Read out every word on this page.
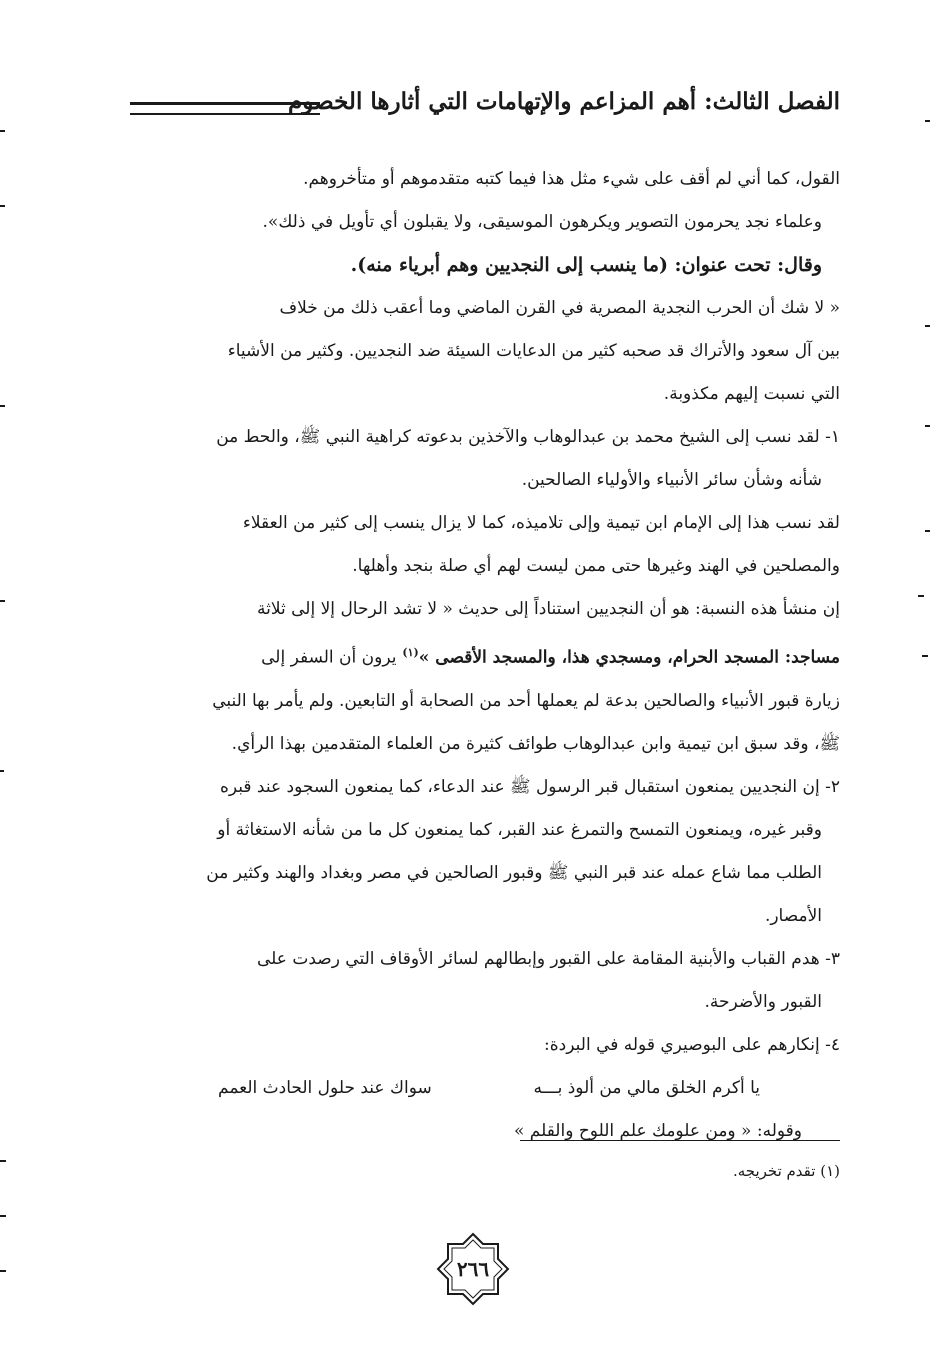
الفصل الثالث: أهم المزاعم والإتهامات التي أثارها الخصوم
القول، كما أني لم أقف على شيء مثل هذا فيما كتبه متقدموهم أو متأخروهم.
وعلماء نجد يحرمون التصوير ويكرهون الموسيقى، ولا يقبلون أي تأويل في ذلك».
وقال: تحت عنوان: (ما ينسب إلى النجديين وهم أبرياء منه).
« لا شك أن الحرب النجدية المصرية في القرن الماضي وما أعقب ذلك من خلاف
بين آل سعود والأتراك قد صحبه كثير من الدعايات السيئة ضد النجديين. وكثير من الأشياء
التي نسبت إليهم مكذوبة.
١- لقد نسب إلى الشيخ محمد بن عبدالوهاب والآخذين بدعوته كراهية النبي ﷺ، والحط من
شأنه وشأن سائر الأنبياء والأولياء الصالحين.
لقد نسب هذا إلى الإمام ابن تيمية وإلى تلاميذه، كما لا يزال ينسب إلى كثير من العقلاء
والمصلحين في الهند وغيرها حتى ممن ليست لهم أي صلة بنجد وأهلها.
إن منشأ هذه النسبة: هو أن النجديين استناداً إلى حديث « لا تشد الرحال إلا إلى ثلاثة
مساجد: المسجد الحرام، ومسجدي هذا، والمسجد الأقصى »$^{(١)}$ يرون أن السفر إلى
زيارة قبور الأنبياء والصالحين بدعة لم يعملها أحد من الصحابة أو التابعين. ولم يأمر بها النبي
ﷺ، وقد سبق ابن تيمية وابن عبدالوهاب طوائف كثيرة من العلماء المتقدمين بهذا الرأي.
٢- إن النجديين يمنعون استقبال قبر الرسول ﷺ عند الدعاء، كما يمنعون السجود عند قبره
وقبر غيره، ويمنعون التمسح والتمرغ عند القبر، كما يمنعون كل ما من شأنه الاستغاثة أو
الطلب مما شاع عمله عند قبر النبي ﷺ وقبور الصالحين في مصر وبغداد والهند وكثير من
الأمصار.
٣- هدم القباب والأبنية المقامة على القبور وإبطالهم لسائر الأوقاف التي رصدت على
القبور والأضرحة.
٤- إنكارهم على البوصيري قوله في البردة:
يا أكرم الخلق مالي من ألوذ بـــه
سواك عند حلول الحادث العمم
وقوله: « ومن علومك علم اللوح والقلم »
(١) تقدم تخريجه.
٢٦٦
